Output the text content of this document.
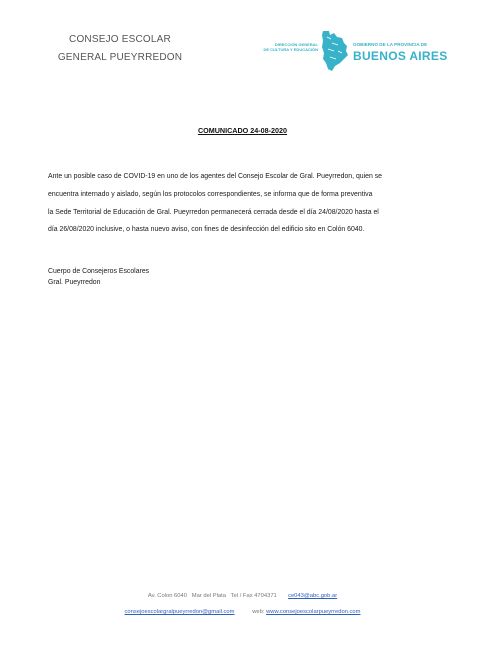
CONSEJO ESCOLAR
GENERAL PUEYRREDON
DIRECCIÓN GENERAL
DE CULTURA Y EDUCACIÓN
GOBIERNO DE LA PROVINCIA DE
BUENOS AIRES
COMUNICADO 24-08-2020

Ante un posible caso de COVID-19 en uno de los agentes del Consejo Escolar de Gral. Pueyrredon, quien se

encuentra internado y aislado, según los protocolos correspondientes, se informa que de forma preventiva

la Sede Territorial de Educación de Gral. Pueyrredon permanecerá cerrada desde el día 24/08/2020 hasta el

día 26/08/2020 inclusive, o hasta nuevo aviso, con fines de desinfección del edificio sito en Colón 6040.

Cuerpo de Consejeros Escolares
Gral. Pueyrredon
Av. Colon 6040 Mar del Plata Tel / Fax 4704371 ce043@abc.gob.ar
consejoescolargralpueyrredon@gmail.com	web: www.consejoescolarpueyrredon.com
